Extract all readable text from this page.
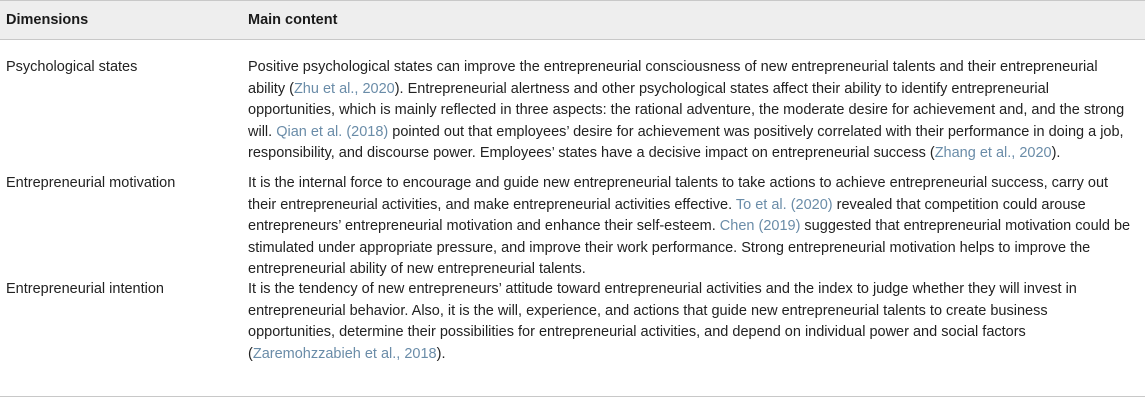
Dimensions	Main content
Psychological states	Positive psychological states can improve the entrepreneurial consciousness of new entrepreneurial talents and their entrepreneurial ability (Zhu et al., 2020). Entrepreneurial alertness and other psychological states affect their ability to identify entrepreneurial opportunities, which is mainly reflected in three aspects: the rational adventure, the moderate desire for achievement and, and the strong will. Qian et al. (2018) pointed out that employees’ desire for achievement was positively correlated with their performance in doing a job, responsibility, and discourse power. Employees’ states have a decisive impact on entrepreneurial success (Zhang et al., 2020).
Entrepreneurial motivation	It is the internal force to encourage and guide new entrepreneurial talents to take actions to achieve entrepreneurial success, carry out their entrepreneurial activities, and make entrepreneurial activities effective. To et al. (2020) revealed that competition could arouse entrepreneurs’ entrepreneurial motivation and enhance their self-esteem. Chen (2019) suggested that entrepreneurial motivation could be stimulated under appropriate pressure, and improve their work performance. Strong entrepreneurial motivation helps to improve the entrepreneurial ability of new entrepreneurial talents.
Entrepreneurial intention	It is the tendency of new entrepreneurs’ attitude toward entrepreneurial activities and the index to judge whether they will invest in entrepreneurial behavior. Also, it is the will, experience, and actions that guide new entrepreneurial talents to create business opportunities, determine their possibilities for entrepreneurial activities, and depend on individual power and social factors (Zaremohzzabieh et al., 2018).
